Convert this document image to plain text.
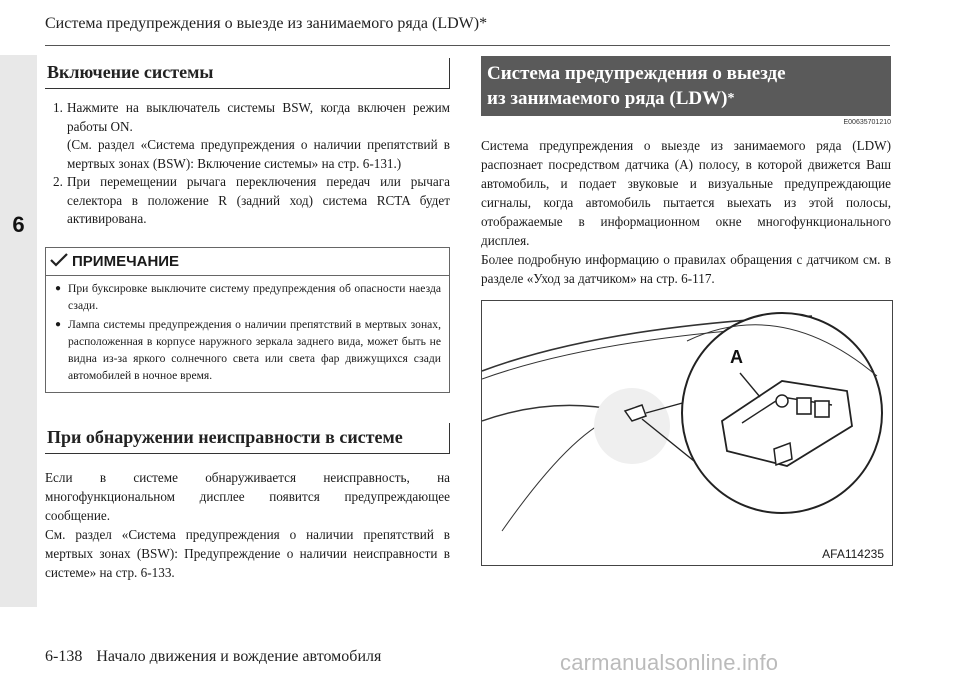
6
Система предупреждения о выезде из занимаемого ряда (LDW)*
Включение системы
1. Нажмите на выключатель системы BSW, когда включен режим работы ON.

(См. раздел «Система предупреждения о наличии препятствий в мертвых зонах (BSW): Включение системы» на стр. 6-131.)

2. При перемещении рычага переключения передач или рычага селектора в положение R (задний ход) система RCTA будет активирована.

ПРИМЕЧАНИЕ
● При буксировке выключите систему предупреждения об опасности наезда сзади.
● Лампа системы предупреждения о наличии препятствий в мертвых зонах, расположенная в корпусе наружного зеркала заднего вида, может быть не видна из-за яркого солнечного света или света фар движущихся сзади автомобилей в ночное время.
При обнаружении неисправности в системе

Если в системе обнаруживается неисправность, на многофункциональном дисплее появится предупреждающее сообщение.

См. раздел «Система предупреждения о наличии препятствий в мертвых зонах (BSW): Предупреждение о наличии неисправности в системе» на стр. 6-133.

Система предупреждения о выезде
из занимаемого ряда (LDW)*
E00635701210

Система предупреждения о выезде из занимаемого ряда (LDW) распознает посредством датчика (A) полосу, в которой движется Ваш автомобиль, и подает звуковые и визуальные предупреждающие сигналы, когда автомобиль пытается выехать из этой полосы, отображаемые в информационном окне многофункционального дисплея.

Более подробную информацию о правилах обращения с датчиком см. в разделе «Уход за датчиком» на стр. 6-117.

A
AFA114235
6-138 Начало движения и вождение автомобиля	carmanualsonline.info
